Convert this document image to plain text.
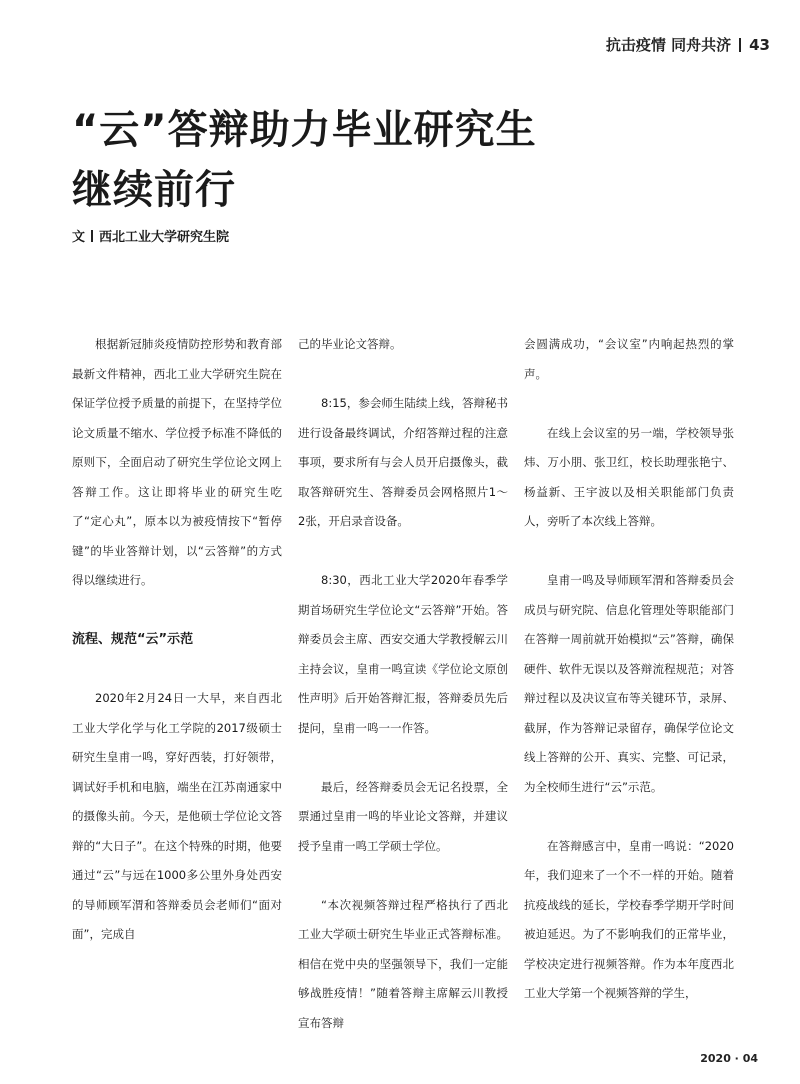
抗击疫情 同舟共济 43
“云”答辩助力毕业研究生
继续前行
文 西北工业大学研究生院

根据新冠肺炎疫情防控形势和教育部最新文件精神，西北工业大学研究生院在保证学位授予质量的前提下，在坚持学位论文质量不缩水、学位授予标准不降低的原则下，全面启动了研究生学位论文网上答辩工作。这让即将毕业的研究生吃了“定心丸”，原本以为被疫情按下“暂停键”的毕业答辩计划，以“云答辩”的方式得以继续进行。

流程、规范“云”示范

2020年2月24日一大早，来自西北工业大学化学与化工学院的2017级硕士研究生皇甫一鸣，穿好西装，打好领带，调试好手机和电脑，端坐在江苏南通家中的摄像头前。今天，是他硕士学位论文答辩的“大日子”。在这个特殊的时期，他要通过“云”与远在1000多公里外身处西安的导师顾军渭和答辩委员会老师们“面对面”，完成自

己的毕业论文答辩。

8:15，参会师生陆续上线，答辩秘书进行设备最终调试，介绍答辩过程的注意事项，要求所有与会人员开启摄像头，截取答辩研究生、答辩委员会网格照片1～2张，开启录音设备。

8:30，西北工业大学2020年春季学期首场研究生学位论文“云答辩”开始。答辩委员会主席、西安交通大学教授解云川主持会议，皇甫一鸣宣读《学位论文原创性声明》后开始答辩汇报，答辩委员先后提问，皇甫一鸣一一作答。

最后，经答辩委员会无记名投票，全票通过皇甫一鸣的毕业论文答辩，并建议授予皇甫一鸣工学硕士学位。

“本次视频答辩过程严格执行了西北工业大学硕士研究生毕业正式答辩标准。相信在党中央的坚强领导下，我们一定能够战胜疫情！”随着答辩主席解云川教授宣布答辩

会圆满成功，“会议室”内响起热烈的掌声。

在线上会议室的另一端，学校领导张炜、万小朋、张卫红，校长助理张艳宁、杨益新、王宇波以及相关职能部门负责人，旁听了本次线上答辩。

皇甫一鸣及导师顾军渭和答辩委员会成员与研究院、信息化管理处等职能部门在答辩一周前就开始模拟“云”答辩，确保硬件、软件无误以及答辩流程规范；对答辩过程以及决议宣布等关键环节，录屏、截屏，作为答辩记录留存，确保学位论文线上答辩的公开、真实、完整、可记录，为全校师生进行“云”示范。

在答辩感言中，皇甫一鸣说：“2020年，我们迎来了一个不一样的开始。随着抗疫战线的延长，学校春季学期开学时间被迫延迟。为了不影响我们的正常毕业，学校决定进行视频答辩。作为本年度西北工业大学第一个视频答辩的学生，

2020 · 04
